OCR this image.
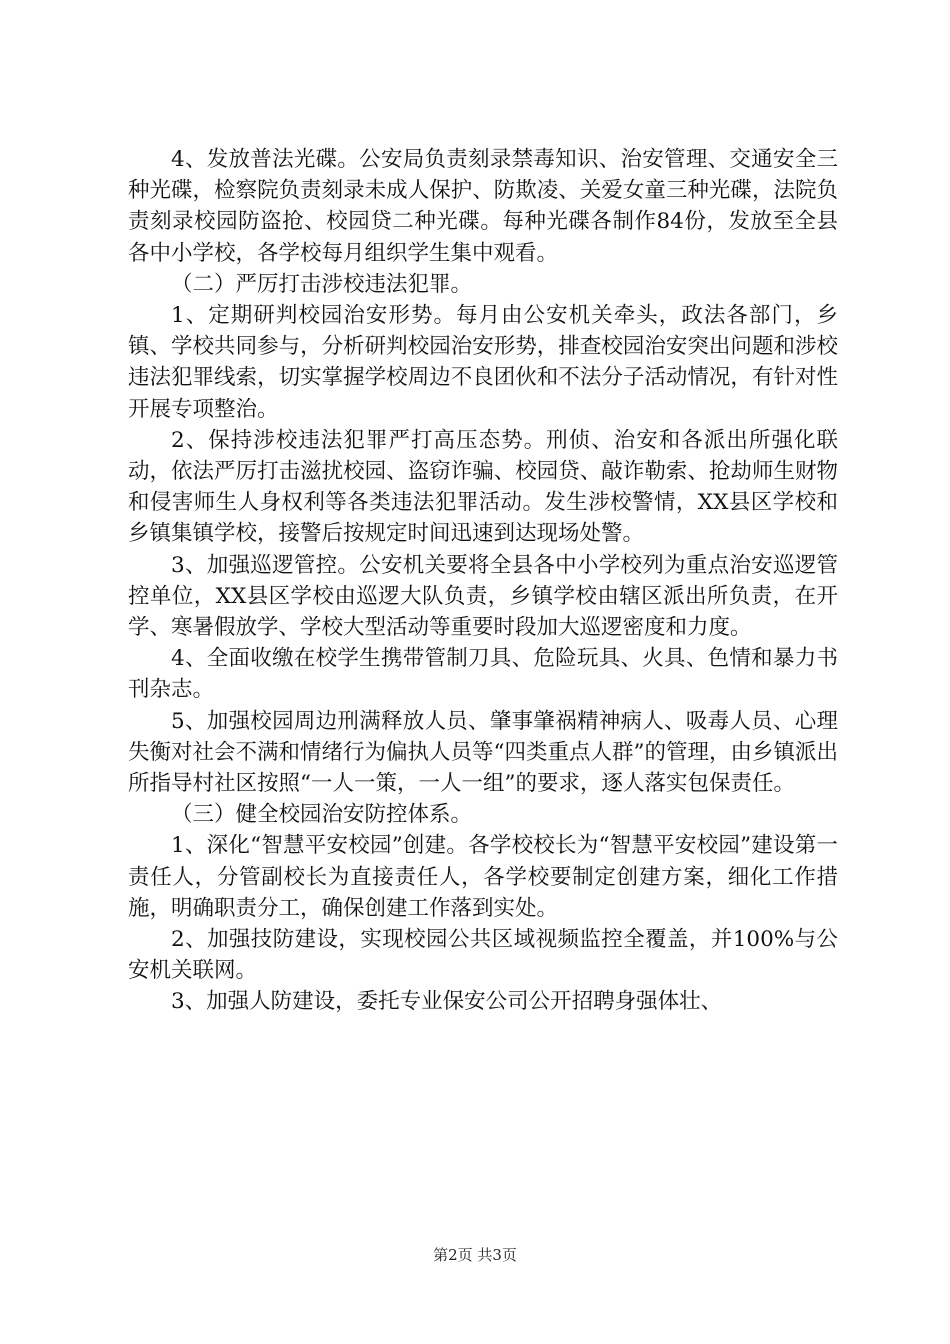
4、发放普法光碟。公安局负责刻录禁毒知识、治安管理、交通安全三种光碟，检察院负责刻录未成人保护、防欺凌、关爱女童三种光碟，法院负责刻录校园防盗抢、校园贷二种光碟。每种光碟各制作84份，发放至全县各中小学校，各学校每月组织学生集中观看。

（二）严厉打击涉校违法犯罪。

1、定期研判校园治安形势。每月由公安机关牵头，政法各部门，乡镇、学校共同参与，分析研判校园治安形势，排查校园治安突出问题和涉校违法犯罪线索，切实掌握学校周边不良团伙和不法分子活动情况，有针对性开展专项整治。

2、保持涉校违法犯罪严打高压态势。刑侦、治安和各派出所强化联动，依法严厉打击滋扰校园、盗窃诈骗、校园贷、敲诈勒索、抢劫师生财物和侵害师生人身权利等各类违法犯罪活动。发生涉校警情，XX县区学校和乡镇集镇学校，接警后按规定时间迅速到达现场处警。

3、加强巡逻管控。公安机关要将全县各中小学校列为重点治安巡逻管控单位，XX县区学校由巡逻大队负责，乡镇学校由辖区派出所负责，在开学、寒暑假放学、学校大型活动等重要时段加大巡逻密度和力度。

4、全面收缴在校学生携带管制刀具、危险玩具、火具、色情和暴力书刊杂志。

5、加强校园周边刑满释放人员、肇事肇祸精神病人、吸毒人员、心理失衡对社会不满和情绪行为偏执人员等“四类重点人群”的管理，由乡镇派出所指导村社区按照“一人一策，一人一组”的要求，逐人落实包保责任。

（三）健全校园治安防控体系。

1、深化“智慧平安校园”创建。各学校校长为“智慧平安校园”建设第一责任人，分管副校长为直接责任人，各学校要制定创建方案，细化工作措施，明确职责分工，确保创建工作落到实处。

2、加强技防建设，实现校园公共区域视频监控全覆盖，并100%与公安机关联网。

3、加强人防建设，委托专业保安公司公开招聘身强体壮、

第2页 共3页
